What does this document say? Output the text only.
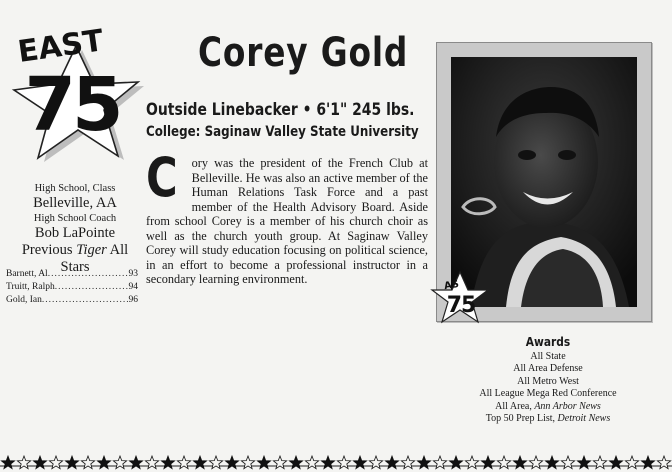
EAST
75
High School, Class
Belleville, AA
High School Coach
Bob LaPointe
Previous Tiger All Stars
Barnett, Al .....	93
Truitt, Ralph .....	94
Gold, Ian .....	96
Corey Gold
Outside Linebacker • 6'1" 245 lbs.
College: Saginaw Valley State University

C ory was the president of the French Club at Belleville. He was also an active member of the Human Relations Task Force and a past member of the Health Advisory Board. Aside from school Corey is a member of his church choir as well as the church youth group. At Saginaw Valley Corey will study education focusing on political science, in an effort to become a professional instructor in a secondary learning environment.	AS
75
Awards
All State
All Area Defense
All Metro West
All League Mega Red Conference
All Area, Ann Arbor News
Top 50 Prep List, Detroit News
